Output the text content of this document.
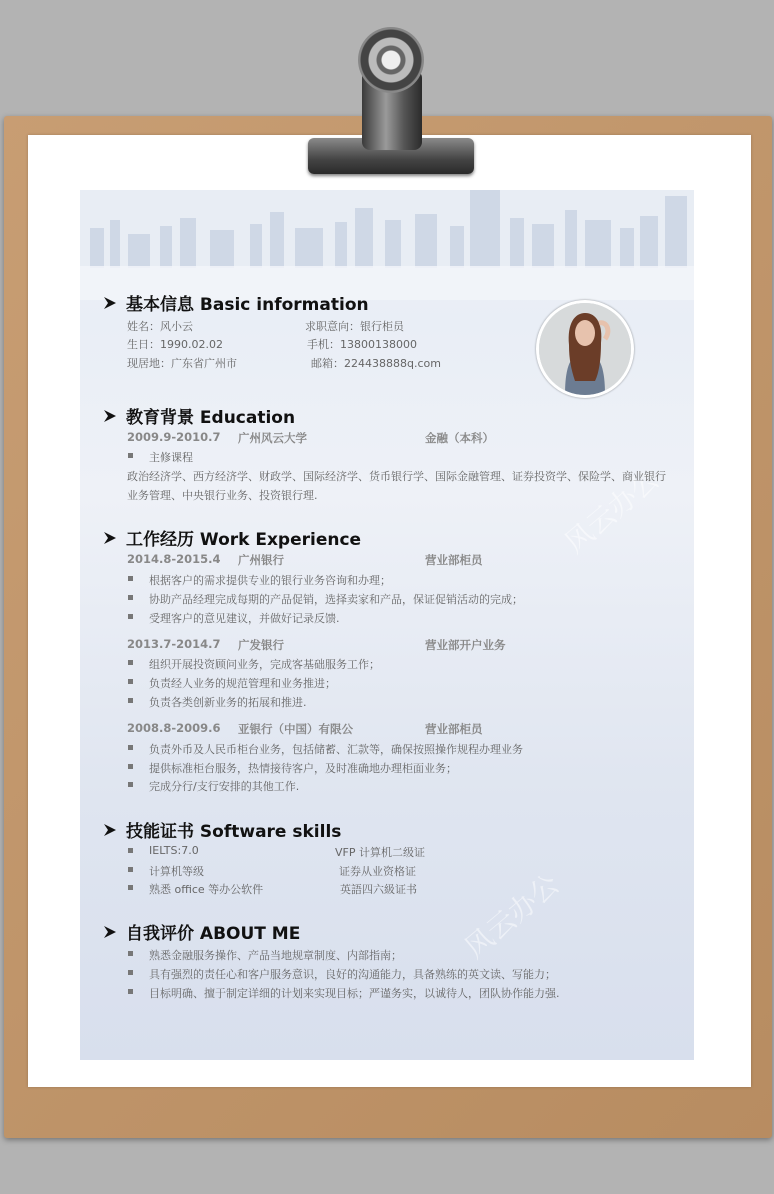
风云办公
风云办公
基本信息 Basic information
姓名：风小云	求职意向：银行柜员
生日：1990.02.02	手机：13800138000
现居地：广东省广州市	邮箱：224438888q.com
教育背景 Education
2009.9-2010.7 广州风云大学	金融（本科）
主修课程
政治经济学、西方经济学、财政学、国际经济学、货币银行学、国际金融管理、证券投资学、保险学、商业银行
业务管理、中央银行业务、投资银行理.
工作经历 Work Experience
2014.8-2015.4 广州银行	营业部柜员
根据客户的需求提供专业的银行业务咨询和办理；
协助产品经理完成每期的产品促销，选择卖家和产品，保证促销活动的完成；
受理客户的意见建议，并做好记录反馈.
2013.7-2014.7 广发银行	营业部开户业务
组织开展投资顾问业务，完成客基础服务工作；
负责经人业务的规范管理和业务推进；
负责各类创新业务的拓展和推进.
2008.8-2009.6 亚银行（中国）有限公	营业部柜员
负责外币及人民币柜台业务，包括储蓄、汇款等，确保按照操作规程办理业务
提供标准柜台服务，热情接待客户，及时准确地办理柜面业务；
完成分行/支行安排的其他工作.
技能证书 Software skills
IELTS:7.0	VFP 计算机二级证
计算机等级	证券从业资格证
熟悉 office 等办公软件	英語四六級证书
自我评价 ABOUT ME
熟悉金融服务操作、产品当地规章制度、内部指南；
具有强烈的责任心和客户服务意识，良好的沟通能力，具备熟练的英文读、写能力；
目标明确、擅于制定详细的计划来实现目标；严谨务实，以诚待人，团队协作能力强.
